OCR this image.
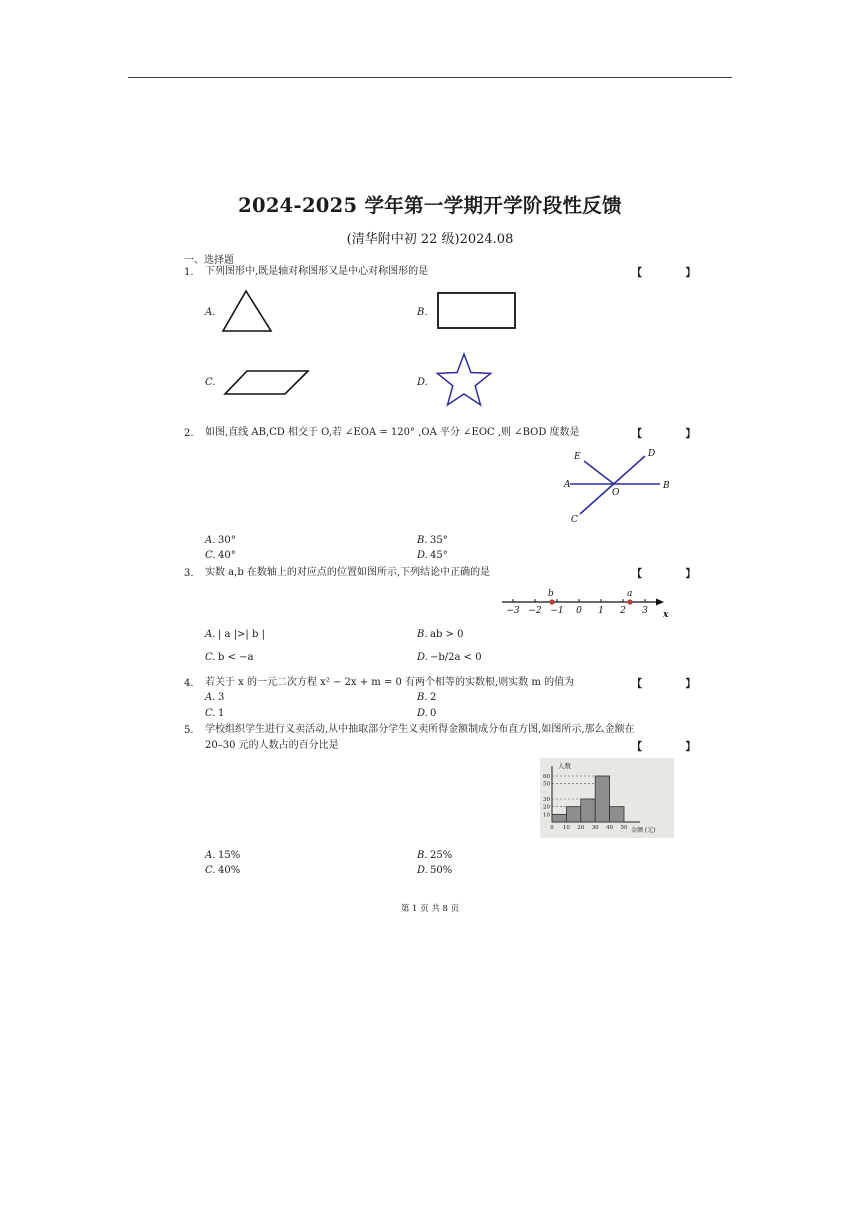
2024-2025 学年第一学期开学阶段性反馈
(清华附中初 22 级)2024.08
一、选择题
1. 下列图形中,既是轴对称图形又是中心对称图形的是	【 】
A.	B.
C.	D.
2. 如图,直线 AB,CD 相交于 O,若 ∠EOA = 120° ,OA 平分 ∠EOC ,则 ∠BOD 度数是	【 】
E	D
A
O
B
C
A. 30°	B. 35°
C. 40°	D. 45°
3. 实数 a,b 在数轴上的对应点的位置如图所示,下列结论中正确的是	【 】
−3 −2 −1 0 1 2 3
b	a
x
A. | a |>| b |	B. ab > 0
C. b < −a	D. −b/2a < 0
4. 若关于 x 的一元二次方程 x² − 2x + m = 0 有两个相等的实数根,则实数 m 的值为	【 】
A. 3	B. 2
C. 1	D. 0
5. 学校组织学生进行义卖活动,从中抽取部分学生义卖所得金额制成分布直方图,如图所示,那么金额在
20–30 元的人数占的百分比是	【 】
10
20
30
50
60
0 10 20 30 40 50
人数
金额 (元)
A. 15%	B. 25%
C. 40%	D. 50%
第 1 页 共 8 页
